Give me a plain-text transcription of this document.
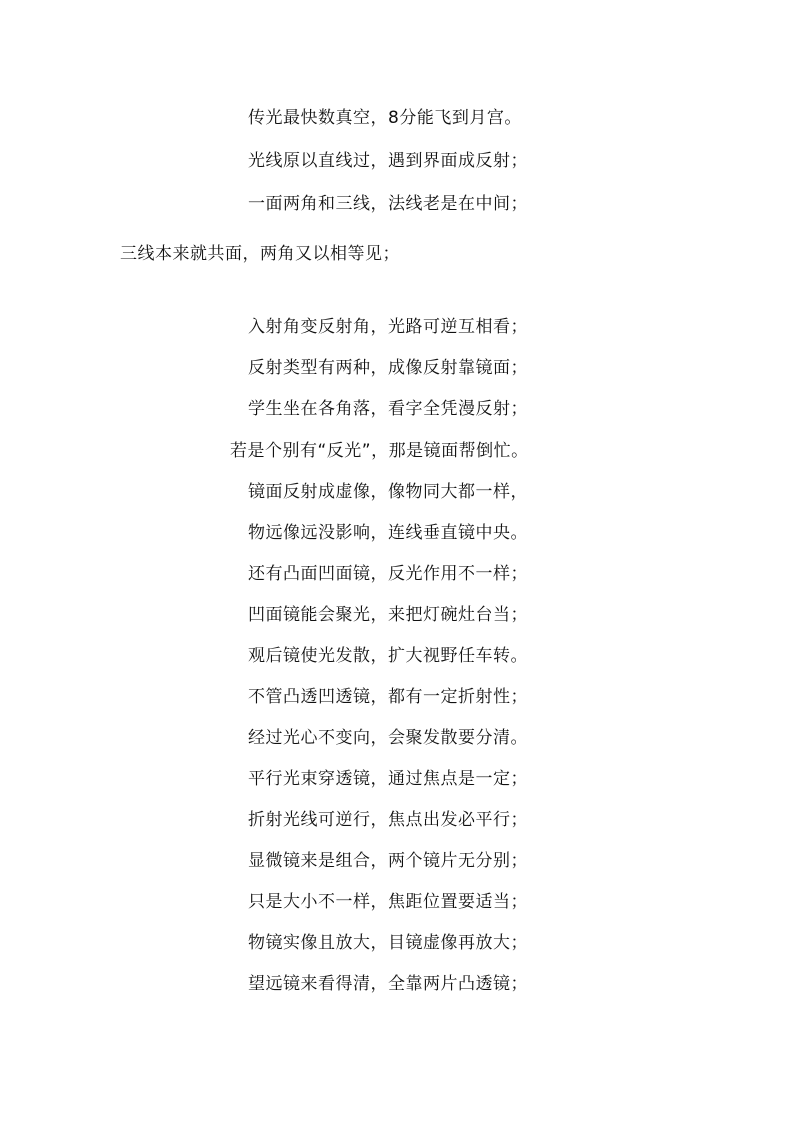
传光最快数真空，8分能飞到月宫。
光线原以直线过，遇到界面成反射；
一面两角和三线，法线老是在中间；
三线本来就共面，两角又以相等见；
入射角变反射角，光路可逆互相看；
反射类型有两种，成像反射靠镜面；
学生坐在各角落，看字全凭漫反射；
若是个别有“反光”，那是镜面帮倒忙。
镜面反射成虚像，像物同大都一样，
物远像远没影响，连线垂直镜中央。
还有凸面凹面镜，反光作用不一样；
凹面镜能会聚光，来把灯碗灶台当；
观后镜使光发散，扩大视野任车转。
不管凸透凹透镜，都有一定折射性；
经过光心不变向，会聚发散要分清。
平行光束穿透镜，通过焦点是一定；
折射光线可逆行，焦点出发必平行；
显微镜来是组合，两个镜片无分别；
只是大小不一样，焦距位置要适当；
物镜实像且放大，目镜虚像再放大；
望远镜来看得清，全靠两片凸透镜；
